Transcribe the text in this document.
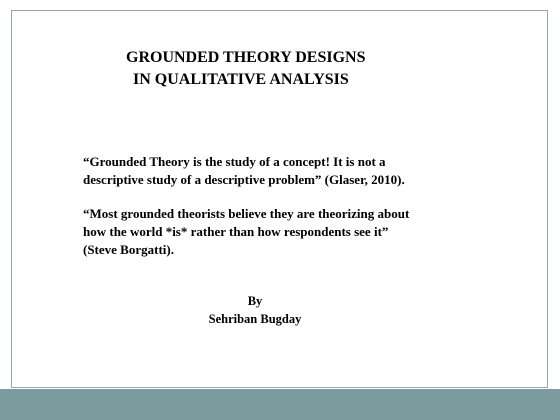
GROUNDED THEORY DESIGNS
IN QUALITATIVE ANALYSIS
“Grounded Theory is the study of a concept! It is not a
descriptive study of a descriptive problem” (Glaser, 2010).
“Most grounded theorists believe they are theorizing about
how the world *is* rather than how respondents see it”
(Steve Borgatti).
By
Sehriban Bugday
